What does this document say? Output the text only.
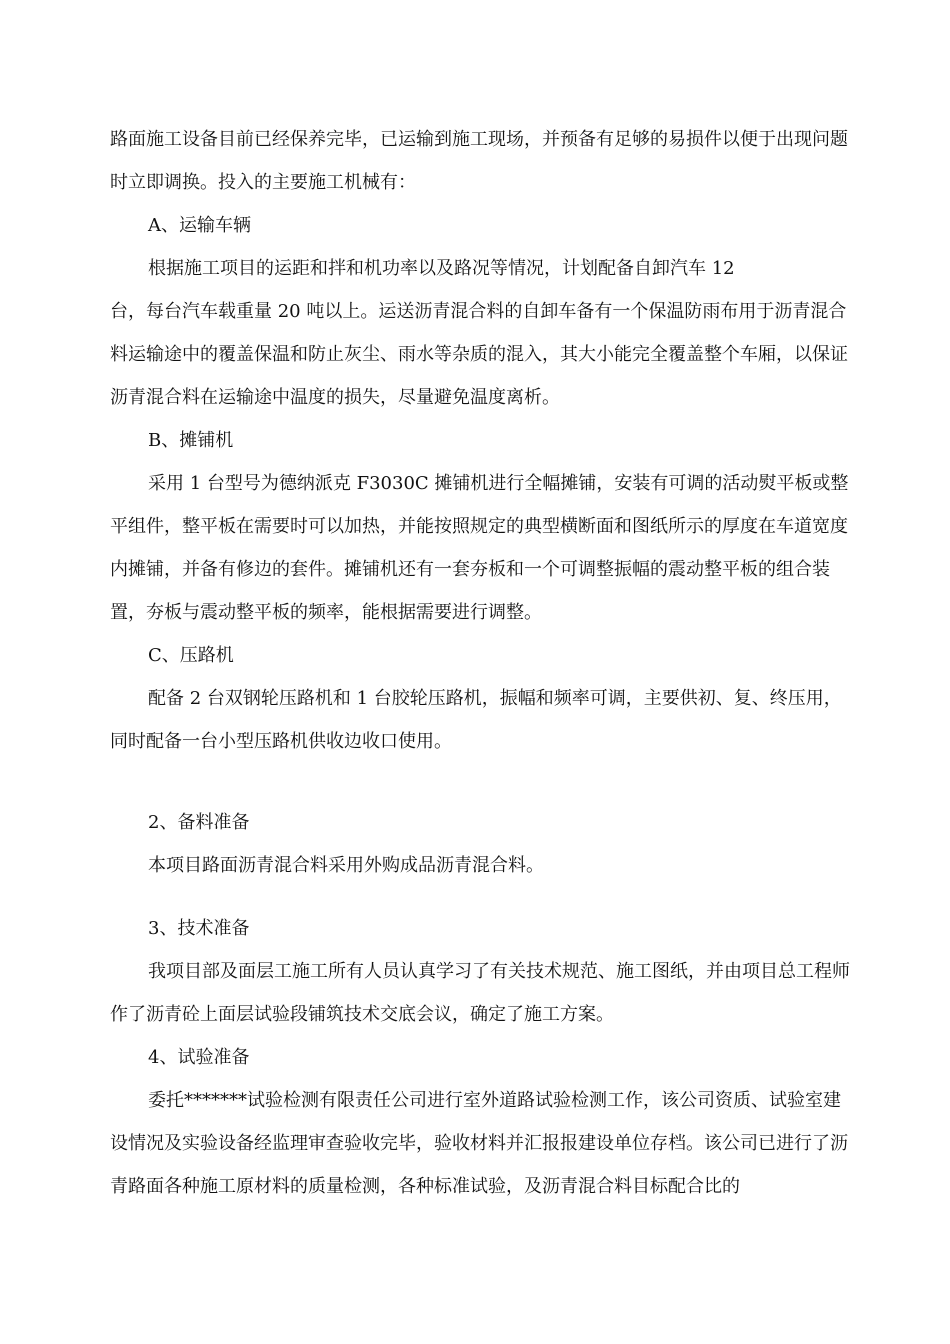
路面施工设备目前已经保养完毕，已运输到施工现场，并预备有足够的易损件以便于出现问题时立即调换。投入的主要施工机械有：

A、运输车辆

根据施工项目的运距和拌和机功率以及路况等情况，计划配备自卸汽车 12

台，每台汽车载重量 20 吨以上。运送沥青混合料的自卸车备有一个保温防雨布用于沥青混合料运输途中的覆盖保温和防止灰尘、雨水等杂质的混入，其大小能完全覆盖整个车厢，以保证沥青混合料在运输途中温度的损失，尽量避免温度离析。

B、摊铺机

采用 1 台型号为德纳派克 F3030C 摊铺机进行全幅摊铺，安装有可调的活动熨平板或整平组件，整平板在需要时可以加热，并能按照规定的典型横断面和图纸所示的厚度在车道宽度内摊铺，并备有修边的套件。摊铺机还有一套夯板和一个可调整振幅的震动整平板的组合装置，夯板与震动整平板的频率，能根据需要进行调整。

C、压路机

配备 2 台双钢轮压路机和 1 台胶轮压路机，振幅和频率可调，主要供初、复、终压用，同时配备一台小型压路机供收边收口使用。

2、备料准备

本项目路面沥青混合料采用外购成品沥青混合料。

3、技术准备

我项目部及面层工施工所有人员认真学习了有关技术规范、施工图纸，并由项目总工程师作了沥青砼上面层试验段铺筑技术交底会议，确定了施工方案。

4、试验准备

委托*******试验检测有限责任公司进行室外道路试验检测工作，该公司资质、试验室建设情况及实验设备经监理审查验收完毕，验收材料并汇报报建设单位存档。该公司已进行了沥青路面各种施工原材料的质量检测，各种标准试验，及沥青混合料目标配合比的
